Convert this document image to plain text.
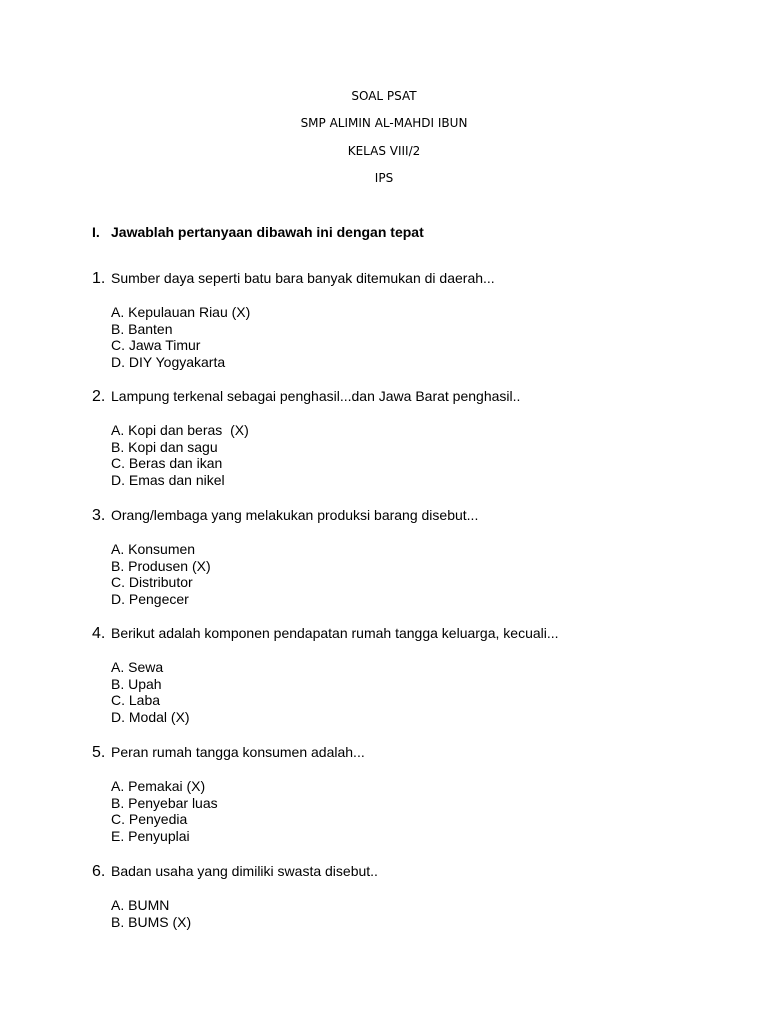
SOAL PSAT
SMP ALIMIN AL-MAHDI IBUN
KELAS VIII/2
IPS
I. Jawablah pertanyaan dibawah ini dengan tepat
1. Sumber daya seperti batu bara banyak ditemukan di daerah...
A. Kepulauan Riau (X)
B. Banten
C. Jawa Timur
D. DIY Yogyakarta
2. Lampung terkenal sebagai penghasil...dan Jawa Barat penghasil..
A. Kopi dan beras  (X)
B. Kopi dan sagu
C. Beras dan ikan
D. Emas dan nikel
3. Orang/lembaga yang melakukan produksi barang disebut...
A. Konsumen
B. Produsen (X)
C. Distributor
D. Pengecer
4. Berikut adalah komponen pendapatan rumah tangga keluarga, kecuali...
A. Sewa
B. Upah
C. Laba
D. Modal (X)
5. Peran rumah tangga konsumen adalah...
A. Pemakai (X)
B. Penyebar luas
C. Penyedia
E. Penyuplai
6. Badan usaha yang dimiliki swasta disebut..
A. BUMN
B. BUMS (X)
